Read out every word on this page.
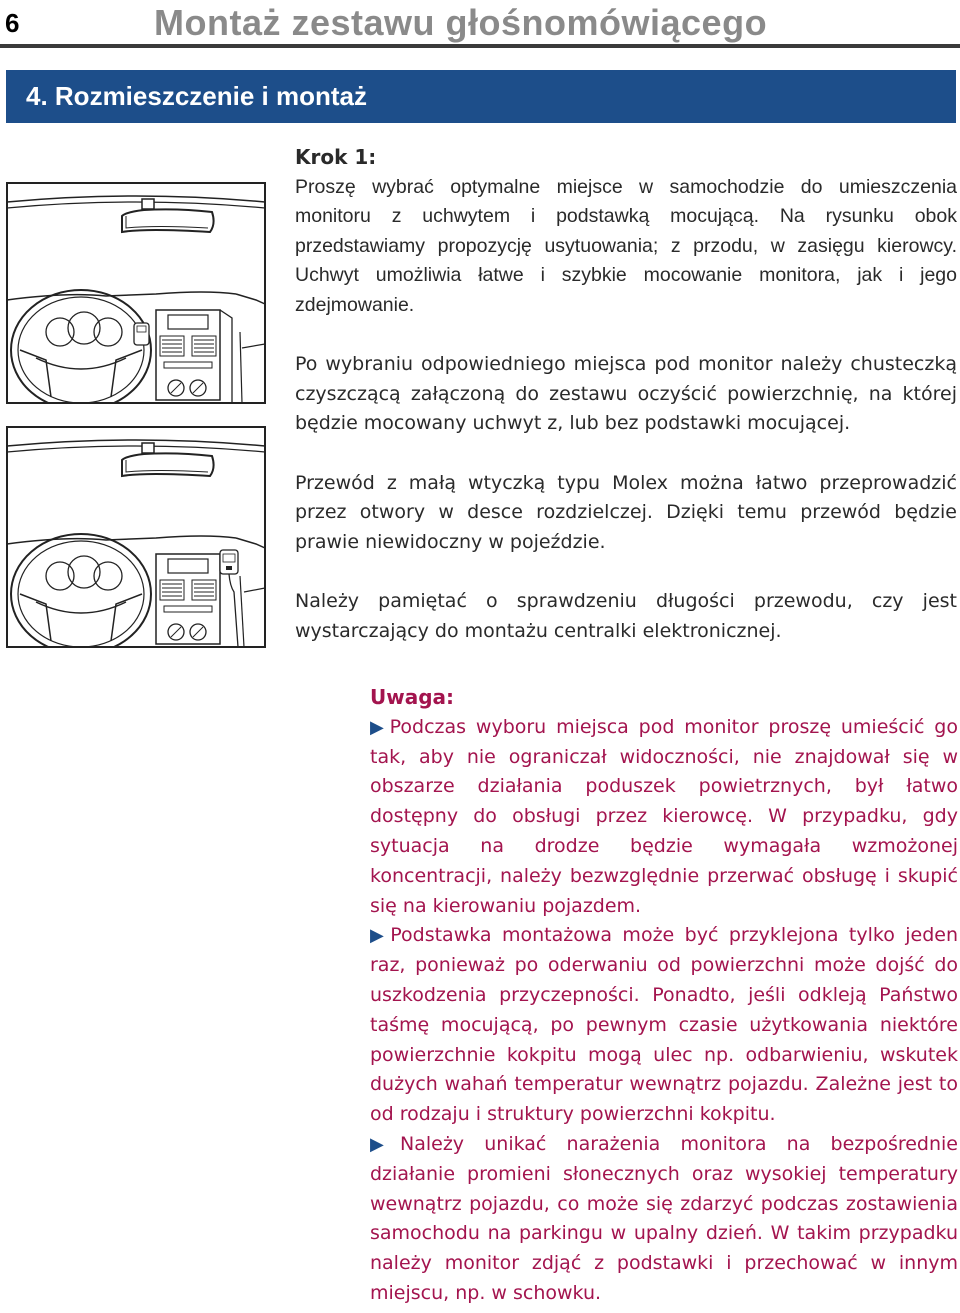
6	Montaż zestawu głośnomówiącego
4. Rozmieszczenie i montaż

Krok 1:

Proszę wybrać optymalne miejsce w samochodzie do umieszczenia monitoru z uchwytem i podstawką mocującą. Na rysunku obok przedstawiamy propozycję usytuowania; z przodu, w zasięgu kierowcy. Uchwyt umożliwia łatwe i szybkie mocowanie monitora, jak i jego zdejmowanie.

Po wybraniu odpowiedniego miejsca pod monitor należy chusteczką czyszczącą załączoną do zestawu oczyścić powierzchnię, na której będzie mocowany uchwyt z, lub bez podstawki mocującej.

Przewód z małą wtyczką typu Molex można łatwo przeprowadzić przez otwory w desce rozdzielczej. Dzięki temu przewód będzie prawie niewidoczny w pojeździe.

Należy pamiętać o sprawdzeniu długości przewodu, czy jest wystarczający do montażu centralki elektronicznej.

Uwaga:

▶ Podczas wyboru miejsca pod monitor proszę umieścić go tak, aby nie ograniczał widoczności, nie znajdował się w obszarze działania poduszek powietrznych, był łatwo dostępny do obsługi przez kierowcę. W przypadku, gdy sytuacja na drodze będzie wymagała wzmożonej koncentracji, należy bezwzględnie przerwać obsługę i skupić się na kierowaniu pojazdem.

▶ Podstawka montażowa może być przyklejona tylko jeden raz, ponieważ po oderwaniu od powierzchni może dojść do uszkodzenia przyczepności. Ponadto, jeśli odkleją Państwo taśmę mocującą, po pewnym czasie użytkowania niektóre powierzchnie kokpitu mogą ulec np. odbarwieniu, wskutek dużych wahań temperatur wewnątrz pojazdu. Zależne jest to od rodzaju i struktury powierzchni kokpitu.

▶ Należy unikać narażenia monitora na bezpośrednie działanie promieni słonecznych oraz wysokiej temperatury wewnątrz pojazdu, co może się zdarzyć podczas zostawienia samochodu na parkingu w upalny dzień. W takim przypadku należy monitor zdjąć z podstawki i przechować w innym miejscu, np. w schowku.
